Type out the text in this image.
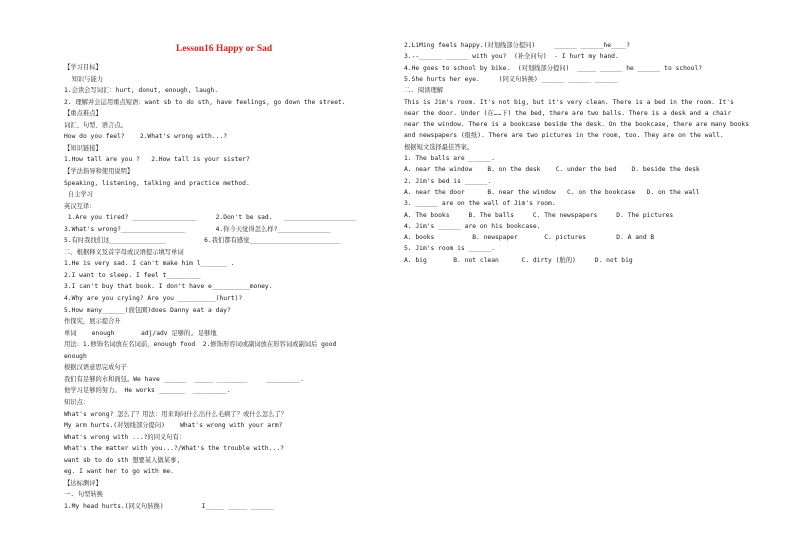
Lesson16 Happy or Sad
【学习目标】
知识与能力
1.会读会写词汇：hurt, donut, enough, laugh.
2. 理解并会运用重点短语：want sb to do sth, have feelings, go down the street.
【重点难点】
词汇、句型、语言点。
How do you feel?    2.What's wrong with...?
【知识链接】
1.How tall are you ?   2.How tall is your sister?
【学法指导和使用说明】
Speaking, listening, talking and practice method.
自主学习
英汉互译：
1.Are you tired? _________________     2.Don't be sad.   ___________________
3.What's wrong?_________________        4.你今天觉得怎么样?______________
5.有时我找们这_______________          6.我们都有感觉________________________
二、根据释义及首字母或汉语提示填写单词
1.He is very sad. I can't make him l_______ .
2.I want to sleep. I feel t_________
3.I can't buy that book. I don't have e__________money.
4.Why are you crying? Are you __________(hurt)?
5.How many______(面包圈)does Danny eat a day?
作探究，展示提合升
单词    enough       adj/adv 足够的, 足够地
用法：1.修饰名词放在名词前，enough food  2.修饰形容词或副词放在形容词或副词后 good
enough
根据汉语意思完成句子
我们有足够的水和面包。We have ______  _____ ________     _________.
他学习足够的努力。 He works _______  _________.
知识点：
What's wrong? 怎么了？用法：用来询问什么出什么毛病了？或什么怎么了？
My arm hurts.(对划线部分提问)    What's wrong with your arm?
What's wrong with ...?的同义句有：
What's the matter with you...?/What's the trouble with...?
want sb to do sth 想要某人做某事,
eg. I want her to go with me.
【达标测评】
一. 句型转换
1.My head hurts.(同义句转换)          I_____ _____ ______
2.LiMing feels happy.(对划线部分提问)     ______ ______he____?
3.--______ ______ with you?  (补全问句)  - I hurt my hand.
4.He goes to school by bike.  (对划线部分提问)  _____ ______ he ______ to school?
5.She hurts her eye.     (同义句转换) ______ ______ ______
二. 阅读理解
This is Jim's room. It's not big, but it's very clean. There is a bed in the room. It's
near the door. Under (在……下) the bed, there are two balls. There is a desk and a chair
near the window. There is a bookcase beside the desk. On the bookcase, there are many books
and newspapers (报纸). There are two pictures in the room, too. They are on the wall.
根据短文选择最佳答案。
1. The balls are ______.
A. near the window    B. on the desk    C. under the bed    D. beside the desk
2. Jim's bed is ______.
A. near the door      B. near the window   C. on the bookcase   D. on the wall
3. ______ are on the wall of Jim's room.
A. The books     B. The balls     C. The newspapers     D. The pictures
4. Jim's ______ are on his bookcase.
A. books          B. newspaper       C. pictures        D. A and B
5. Jim's room is ______.
A. big       B. not clean      C. dirty (肮的)     D. not big
